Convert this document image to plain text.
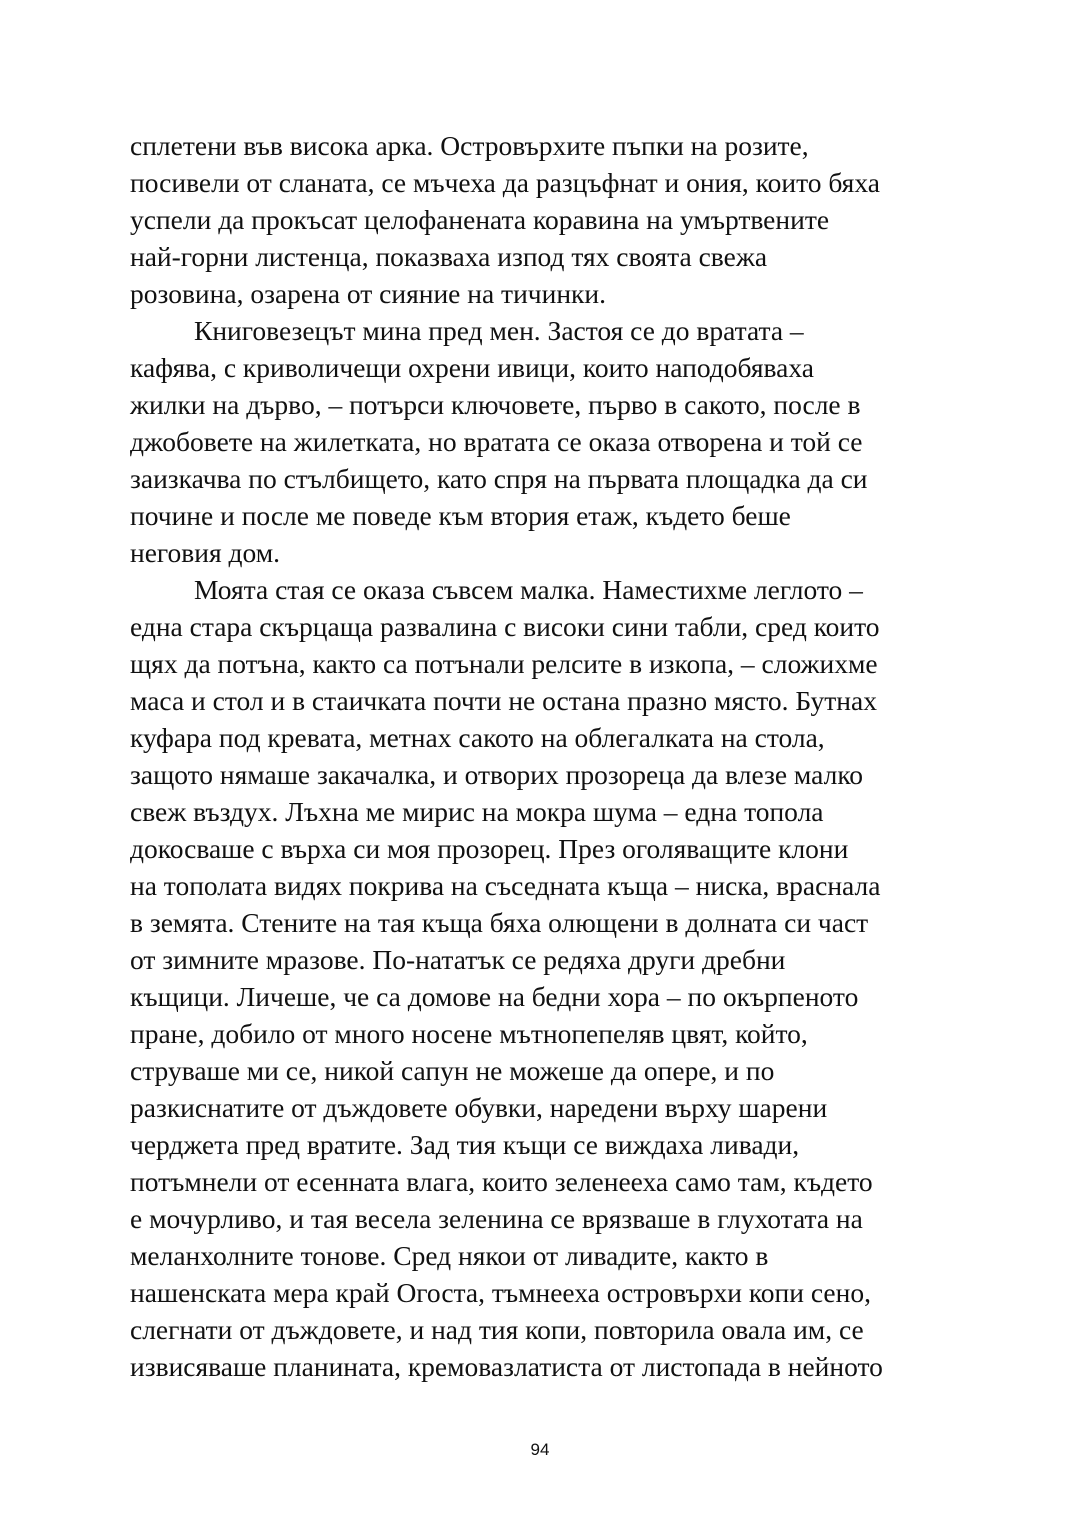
сплетени във висока арка. Островърхите пъпки на розите,
посивели от сланата, се мъчеха да разцъфнат и ония, които бяха
успели да прокъсат целофанената коравина на умъртвените
най-горни листенца, показваха изпод тях своята свежа
розовина, озарена от сияние на тичинки.
Книговезецът мина пред мен. Застоя се до вратата –
кафява, с криволичещи охрени ивици, които наподобяваха
жилки на дърво, – потърси ключовете, първо в сакото, после в
джобовете на жилетката, но вратата се оказа отворена и той се
заизкачва по стълбището, като спря на първата площадка да си
почине и после ме поведе към втория етаж, където беше
неговия дом.
Моята стая се оказа съвсем малка. Наместихме леглото –
една стара скърцаща развалина с високи сини табли, сред които
щях да потъна, както са потънали релсите в изкопа, – сложихме
маса и стол и в стаичката почти не остана празно място. Бутнах
куфара под кревата, метнах сакото на облегалката на стола,
защото нямаше закачалка, и отворих прозореца да влезе малко
свеж въздух. Лъхна ме мирис на мокра шума – една топола
докосваше с върха си моя прозорец. През оголяващите клони
на тополата видях покрива на съседната къща – ниска, враснала
в земята. Стените на тая къща бяха олющени в долната си част
от зимните мразове. По-нататък се редяха други дребни
къщици. Личеше, че са домове на бедни хора – по окърпеното
пране, добило от много носене мътнопепеляв цвят, който,
струваше ми се, никой сапун не можеше да опере, и по
разкиснатите от дъждовете обувки, наредени върху шарени
черджета пред вратите. Зад тия къщи се виждаха ливади,
потъмнели от есенната влага, които зеленееха само там, където
е мочурливо, и тая весела зеленина се врязваше в глухотата на
меланхолните тонове. Сред някои от ливадите, както в
нашенската мера край Огоста, тъмнееха островърхи копи сено,
слегнати от дъждовете, и над тия копи, повторила овала им, се
извисяваше планината, кремовазлатиста от листопада в нейното
94
